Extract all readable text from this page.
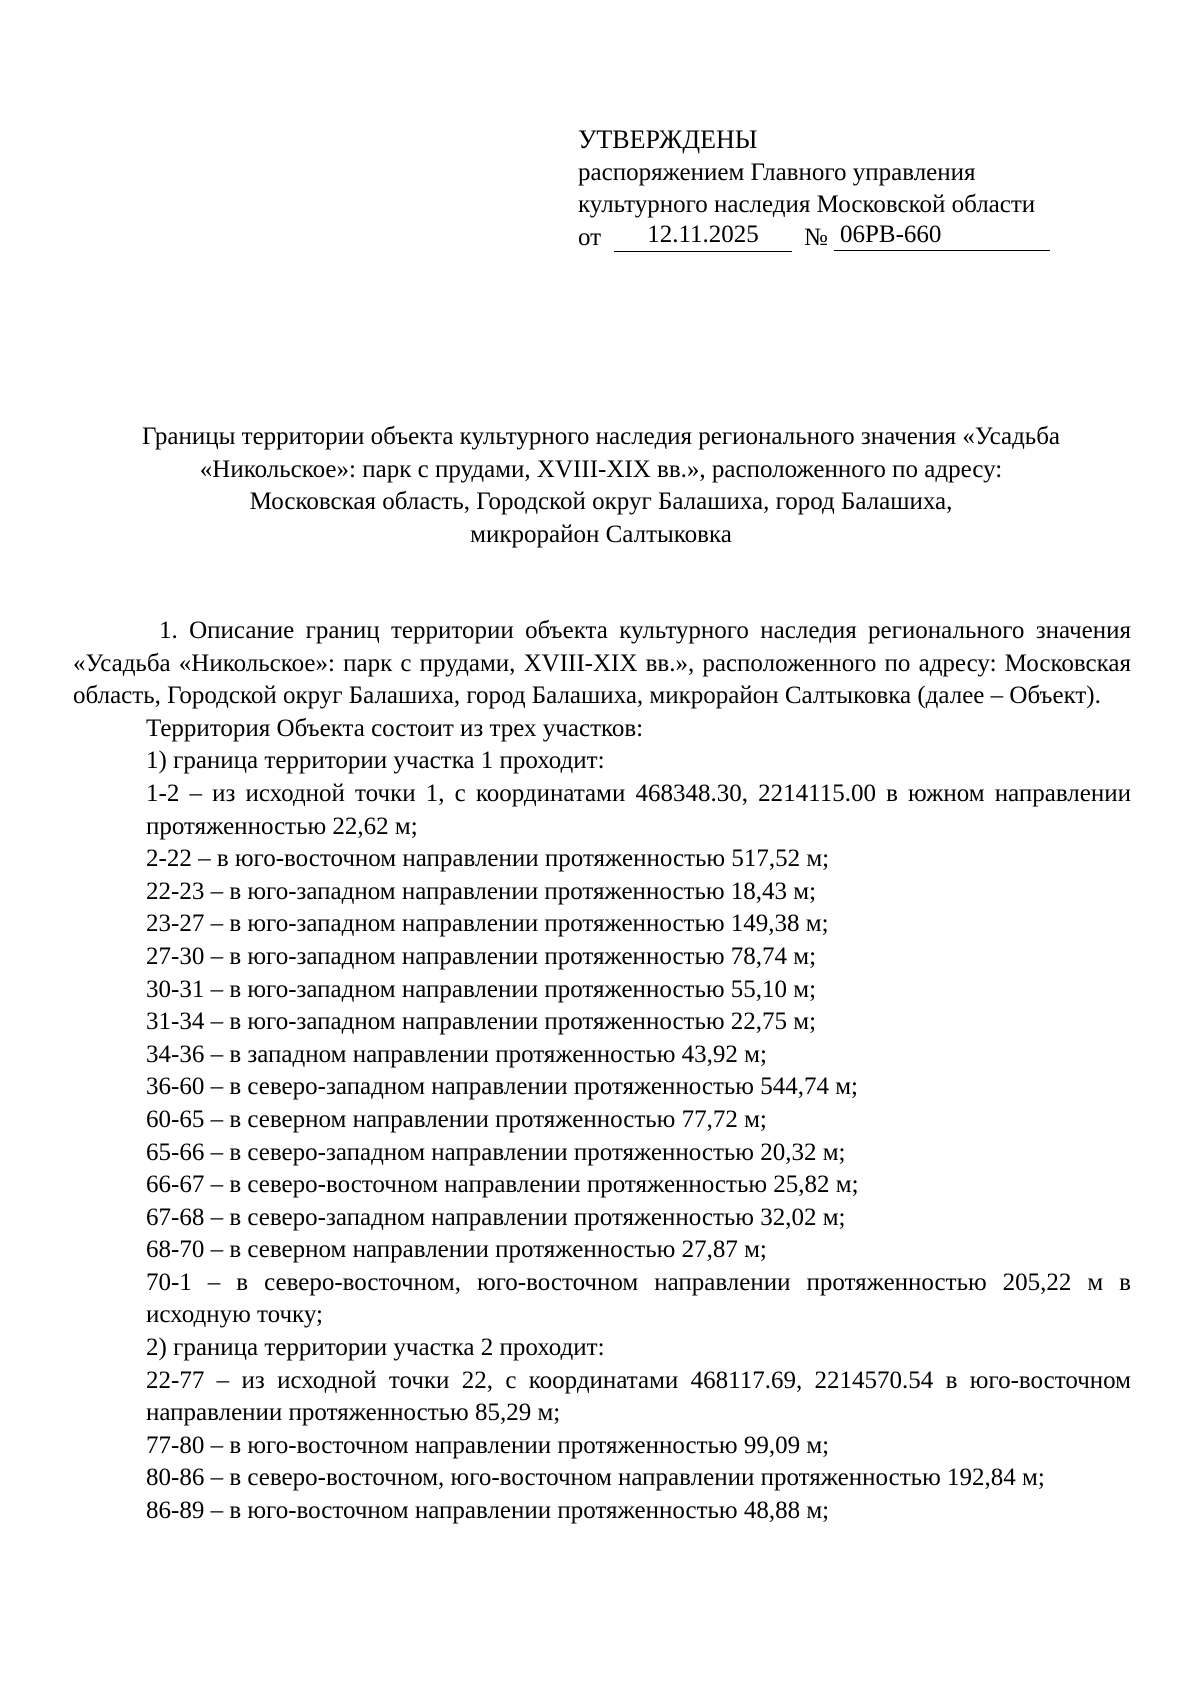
УТВЕРЖДЕНЫ
распоряжением Главного управления
культурного наследия Московской области
от	12.11.2025	№ 06РВ-660
Границы территории объекта культурного наследия регионального значения «Усадьба
«Никольское»: парк с прудами, XVIII-XIX вв.», расположенного по адресу:
Московская область, Городской округ Балашиха, город Балашиха,
микрорайон Салтыковка

1. Описание границ территории объекта культурного наследия регионального значения «Усадьба «Никольское»: парк с прудами, XVIII-XIX вв.», расположенного по адресу: Московская область, Городской округ Балашиха, город Балашиха, микрорайон Салтыковка (далее – Объект).

Территория Объекта состоит из трех участков:

1) граница территории участка 1 проходит:

1-2 – из исходной точки 1, с координатами 468348.30, 2214115.00 в южном направлении протяженностью 22,62 м;

2-22 – в юго-восточном направлении протяженностью 517,52 м;

22-23 – в юго-западном направлении протяженностью 18,43 м;

23-27 – в юго-западном направлении протяженностью 149,38 м;

27-30 – в юго-западном направлении протяженностью 78,74 м;

30-31 – в юго-западном направлении протяженностью 55,10 м;

31-34 – в юго-западном направлении протяженностью 22,75 м;

34-36 – в западном направлении протяженностью 43,92 м;

36-60 – в северо-западном направлении протяженностью 544,74 м;

60-65 – в северном направлении протяженностью 77,72 м;

65-66 – в северо-западном направлении протяженностью 20,32 м;

66-67 – в северо-восточном направлении протяженностью 25,82 м;

67-68 – в северо-западном направлении протяженностью 32,02 м;

68-70 – в северном направлении протяженностью 27,87 м;

70-1 – в северо-восточном, юго-восточном направлении протяженностью 205,22 м в исходную точку;

2) граница территории участка 2 проходит:

22-77 – из исходной точки 22, с координатами 468117.69, 2214570.54 в юго-восточном направлении протяженностью 85,29 м;

77-80 – в юго-восточном направлении протяженностью 99,09 м;

80-86 – в северо-восточном, юго-восточном направлении протяженностью 192,84 м;

86-89 – в юго-восточном направлении протяженностью 48,88 м;
